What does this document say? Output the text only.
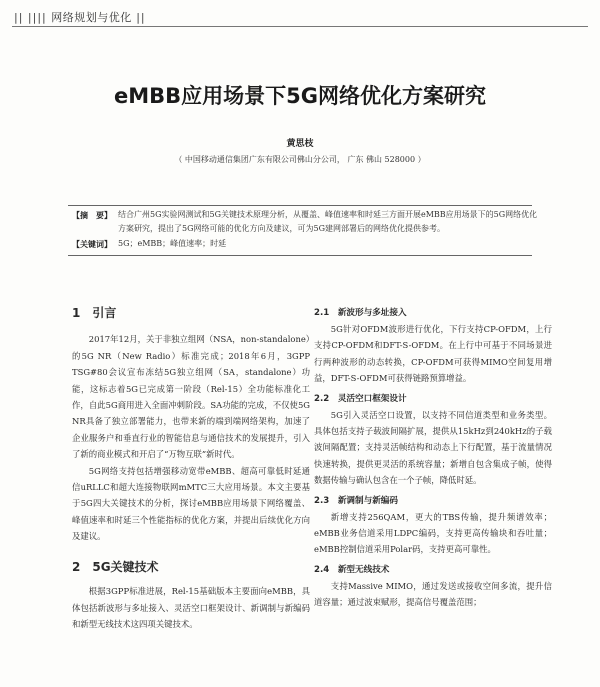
|| |||| 网络规划与优化 ||
eMBB应用场景下5G网络优化方案研究
黄思枝
（ 中国移动通信集团广东有限公司佛山分公司， 广东 佛山 528000 ）
【摘　要】 结合广州5G实验网测试和5G关键技术原理分析，从覆盖、峰值速率和时延三方面开展eMBB应用场景下的5G网络优化方案研究，提出了5G网络可能的优化方向及建议，可为5G建网部署后的网络优化提供参考。
【关键词】 5G；eMBB；峰值速率；时延
1　引言

2017年12月，关于非独立组网（NSA，non-standalone）的5G NR（New Radio）标准完成；2018年6月，3GPP TSG#80会议宣布冻结5G独立组网（SA，standalone）功能，这标志着5G已完成第一阶段（Rel-15）全功能标准化工作，自此5G商用进入全面冲刺阶段。SA功能的完成，不仅使5G NR具备了独立部署能力，也带来新的端到端网络架构，加速了企业服务户和垂直行业的智能信息与通信技术的发展提升，引入了新的商业模式和开启了“万物互联”新时代。

5G网络支持包括增强移动宽带eMBB、超高可靠低时延通信uRLLC和超大连接物联网mMTC三大应用场景。本文主要基于5G四大关键技术的分析，探讨eMBB应用场景下网络覆盖、峰值速率和时延三个性能指标的优化方案，并提出后续优化方向及建议。

2　5G关键技术

根据3GPP标准进展，Rel-15基础版本主要面向eMBB，具体包括新波形与多址接入、灵活空口框架设计、新调制与新编码和新型无线技术这四项关键技术。

2.1　新波形与多址接入

5G针对OFDM波形进行优化，下行支持CP-OFDM，上行支持CP-OFDM和DFT-S-OFDM。在上行中可基于不同场景进行两种波形的动态转换，CP-OFDM可获得MIMO空间复用增益，DFT-S-OFDM可获得链路预算增益。

2.2　灵活空口框架设计

5G引入灵活空口设置，以支持不同信道类型和业务类型。具体包括支持子载波间隔扩展，提供从15kHz到240kHz的子载波间隔配置；支持灵活帧结构和动态上下行配置，基于流量情况快速转换，提供更灵活的系统容量；新增自包含集成子帧，使得数据传输与确认包含在一个子帧，降低时延。

2.3　新调制与新编码

新增支持256QAM，更大的TBS传输，提升频谱效率；eMBB业务信道采用LDPC编码，支持更高传输块和吞吐量；eMBB控制信道采用Polar码，支持更高可靠性。

2.4　新型无线技术

支持Massive MIMO，通过发送或接收空间多流，提升信道容量；通过波束赋形，提高信号覆盖范围；
